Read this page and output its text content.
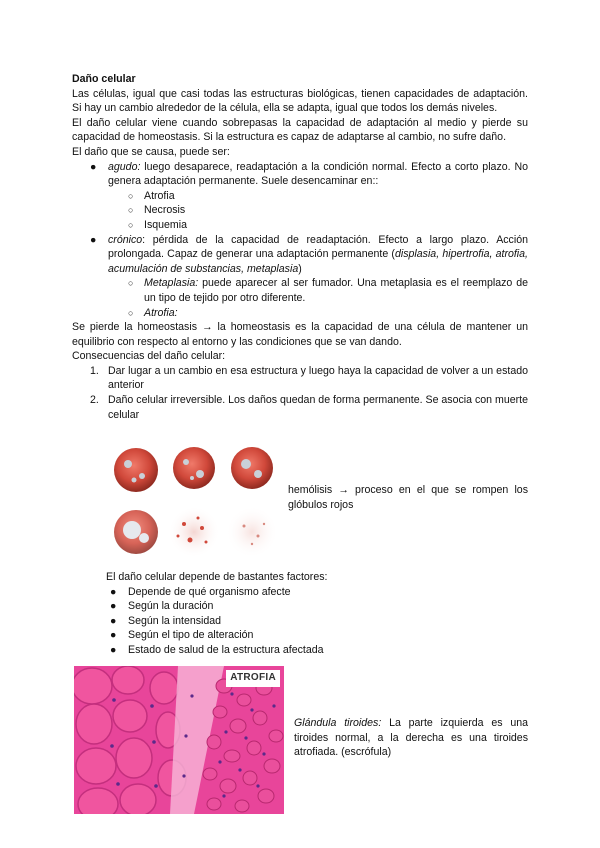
Daño celular
Las células, igual que casi todas las estructuras biológicas, tienen capacidades de adaptación. Si hay un cambio alrededor de la célula, ella se adapta, igual que todos los demás niveles.
El daño celular viene cuando sobrepasas la capacidad de adaptación al medio y pierde su capacidad de homeostasis. Si la estructura es capaz de adaptarse al cambio, no sufre daño.
El daño que se causa, puede ser:
● agudo: luego desaparece, readaptación a la condición normal. Efecto a corto plazo. No genera adaptación permanente. Suele desencaminar en::
○ Atrofia
○ Necrosis
○ Isquemia
● crónico: pérdida de la capacidad de readaptación. Efecto a largo plazo. Acción prolongada. Capaz de generar una adaptación permanente (displasia, hipertrofia, atrofia, acumulación de substancias, metaplasia)
○ Metaplasia: puede aparecer al ser fumador. Una metaplasia es el reemplazo de un tipo de tejido por otro diferente.
○ Atrofia:
Se pierde la homeostasis → la homeostasis es la capacidad de una célula de mantener un equilibrio con respecto al entorno y las condiciones que se van dando.
Consecuencias del daño celular:
1. Dar lugar a un cambio en esa estructura y luego haya la capacidad de volver a un estado anterior
2. Daño celular irreversible. Los daños quedan de forma permanente. Se asocia con muerte celular
hemólisis → proceso en el que se rompen los glóbulos rojos
El daño celular depende de bastantes factores:
● Depende de qué organismo afecte
● Según la duración
● Según la intensidad
● Según el tipo de alteración
● Estado de salud de la estructura afectada
ATROFIA
Glándula tiroides: La parte izquierda es una tiroides normal, a la derecha es una tiroides atrofiada. (escrófula)
